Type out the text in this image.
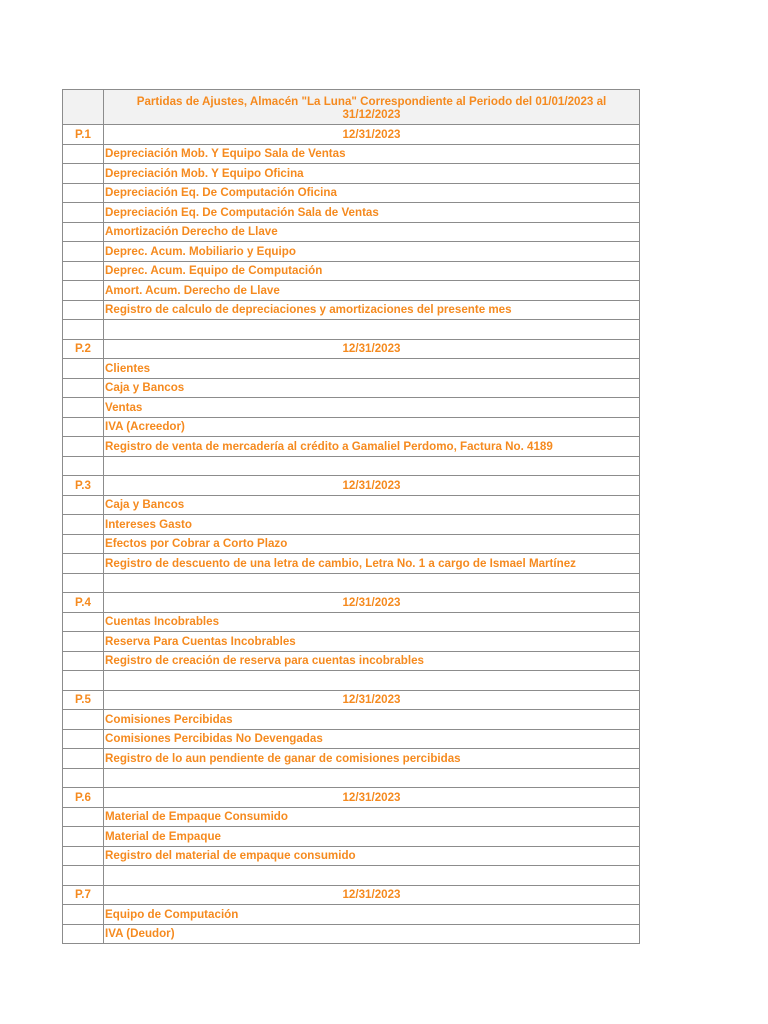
	Partidas de Ajustes, Almacén "La Luna" Correspondiente al Periodo del 01/01/2023 al 31/12/2023
P.1	12/31/2023
	Depreciación Mob. Y Equipo Sala de Ventas
	Depreciación Mob. Y Equipo Oficina
	Depreciación Eq. De Computación Oficina
	Depreciación Eq. De Computación Sala de Ventas
	Amortización Derecho de Llave
	Deprec. Acum. Mobiliario y Equipo
	Deprec. Acum. Equipo de Computación
	Amort. Acum. Derecho de Llave
	Registro de calculo de depreciaciones y amortizaciones del presente mes

P.2	12/31/2023
	Clientes
	Caja y Bancos
	Ventas
	IVA (Acreedor)
	Registro de venta de mercadería al crédito a Gamaliel Perdomo, Factura No. 4189

P.3	12/31/2023
	Caja y Bancos
	Intereses Gasto
	Efectos por Cobrar a Corto Plazo
	Registro de descuento de una letra de cambio, Letra No. 1 a cargo de Ismael Martínez

P.4	12/31/2023
	Cuentas Incobrables
	Reserva Para Cuentas Incobrables
	Registro de creación de reserva para cuentas incobrables

P.5	12/31/2023
	Comisiones Percibidas
	Comisiones Percibidas No Devengadas
	Registro de lo aun pendiente de ganar de comisiones percibidas

P.6	12/31/2023
	Material de Empaque Consumido
	Material de Empaque
	Registro del material de empaque consumido

P.7	12/31/2023
	Equipo de Computación
	IVA (Deudor)
